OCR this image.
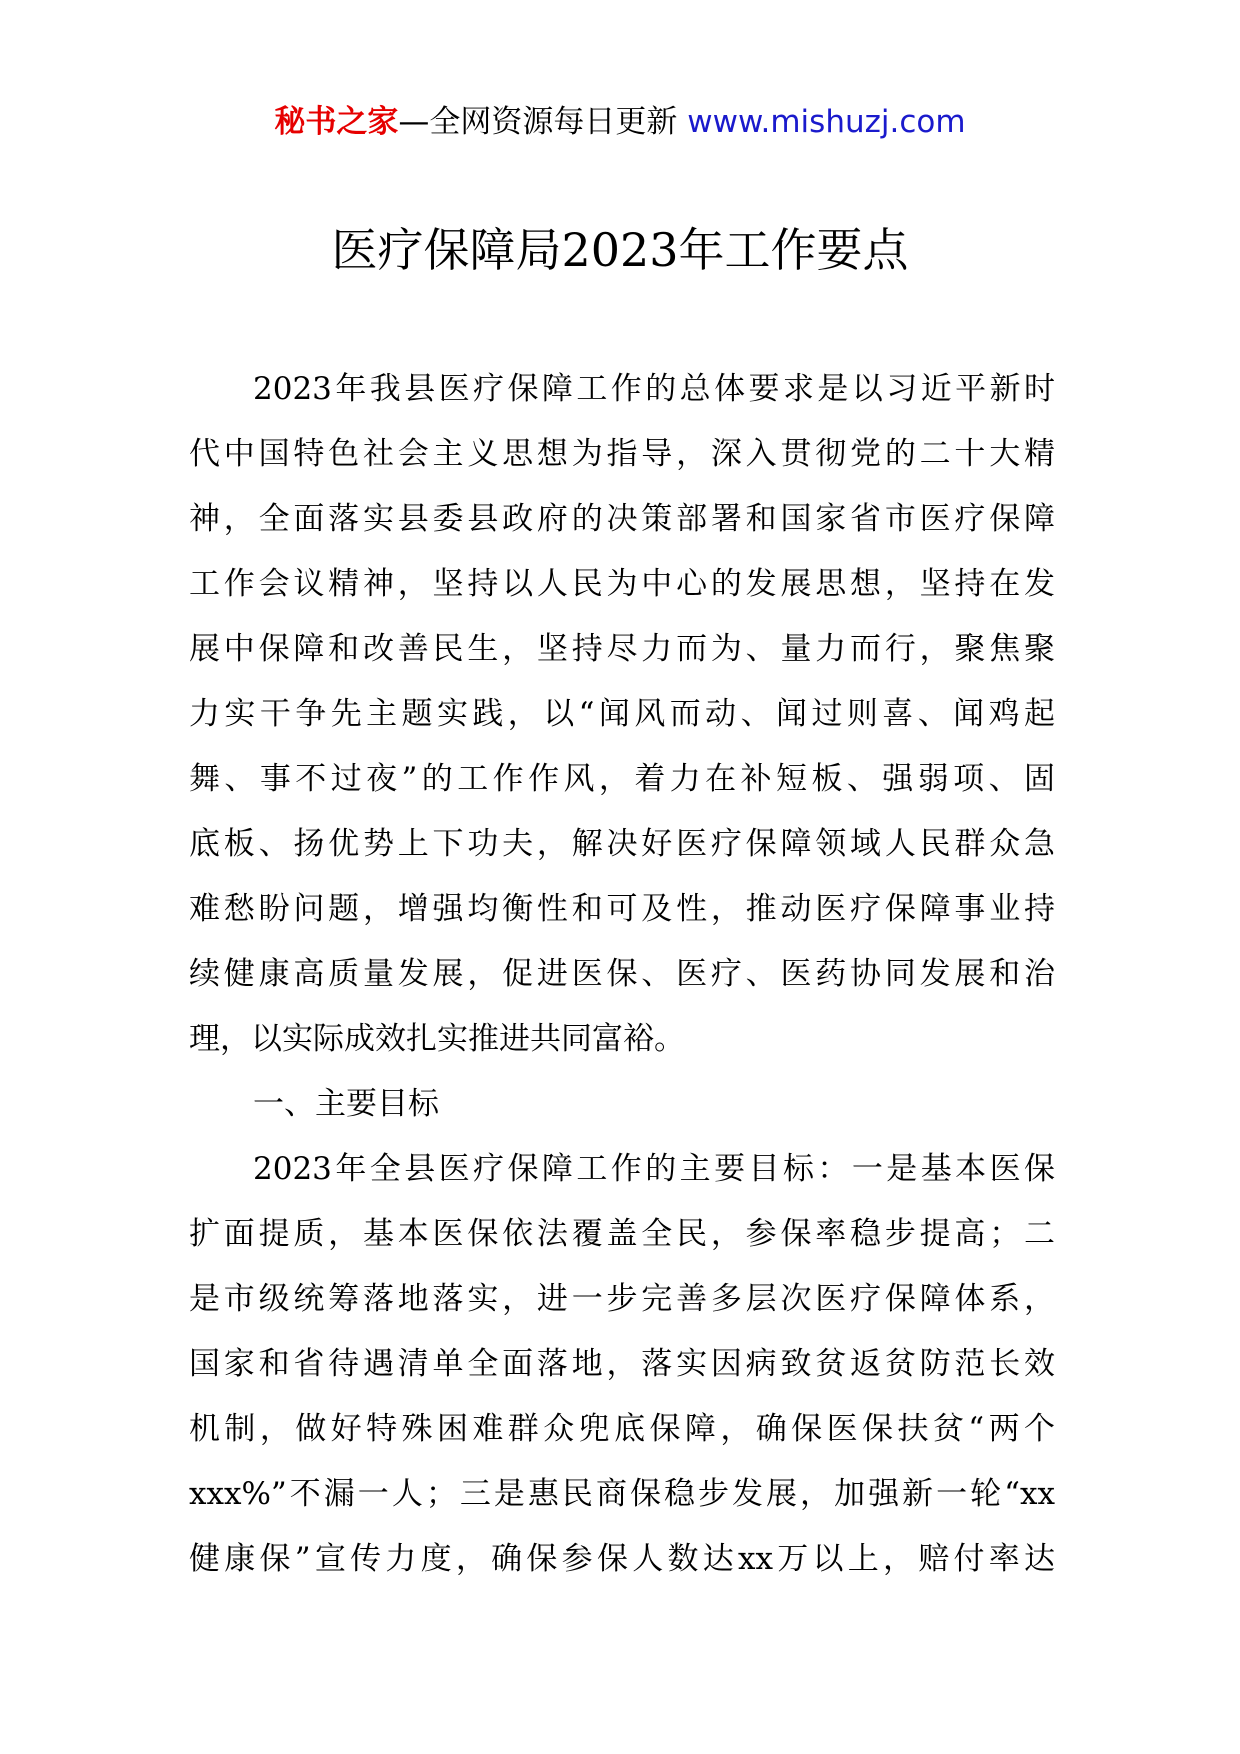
秘书之家—全网资源每日更新 www.mishuzj.com
医疗保障局2023年工作要点
2023年我县医疗保障工作的总体要求是以习近平新时
代中国特色社会主义思想为指导，深入贯彻党的二十大精
神，全面落实县委县政府的决策部署和国家省市医疗保障
工作会议精神，坚持以人民为中心的发展思想，坚持在发
展中保障和改善民生，坚持尽力而为、量力而行，聚焦聚
力实干争先主题实践，以“闻风而动、闻过则喜、闻鸡起
舞、事不过夜”的工作作风，着力在补短板、强弱项、固
底板、扬优势上下功夫，解决好医疗保障领域人民群众急
难愁盼问题，增强均衡性和可及性，推动医疗保障事业持
续健康高质量发展，促进医保、医疗、医药协同发展和治
理，以实际成效扎实推进共同富裕。
一、主要目标
2023年全县医疗保障工作的主要目标：一是基本医保
扩面提质，基本医保依法覆盖全民，参保率稳步提高；二
是市级统筹落地落实，进一步完善多层次医疗保障体系，
国家和省待遇清单全面落地，落实因病致贫返贫防范长效
机制，做好特殊困难群众兜底保障，确保医保扶贫“两个
xxx%”不漏一人；三是惠民商保稳步发展，加强新一轮“xx
健康保”宣传力度，确保参保人数达xx万以上，赔付率达
